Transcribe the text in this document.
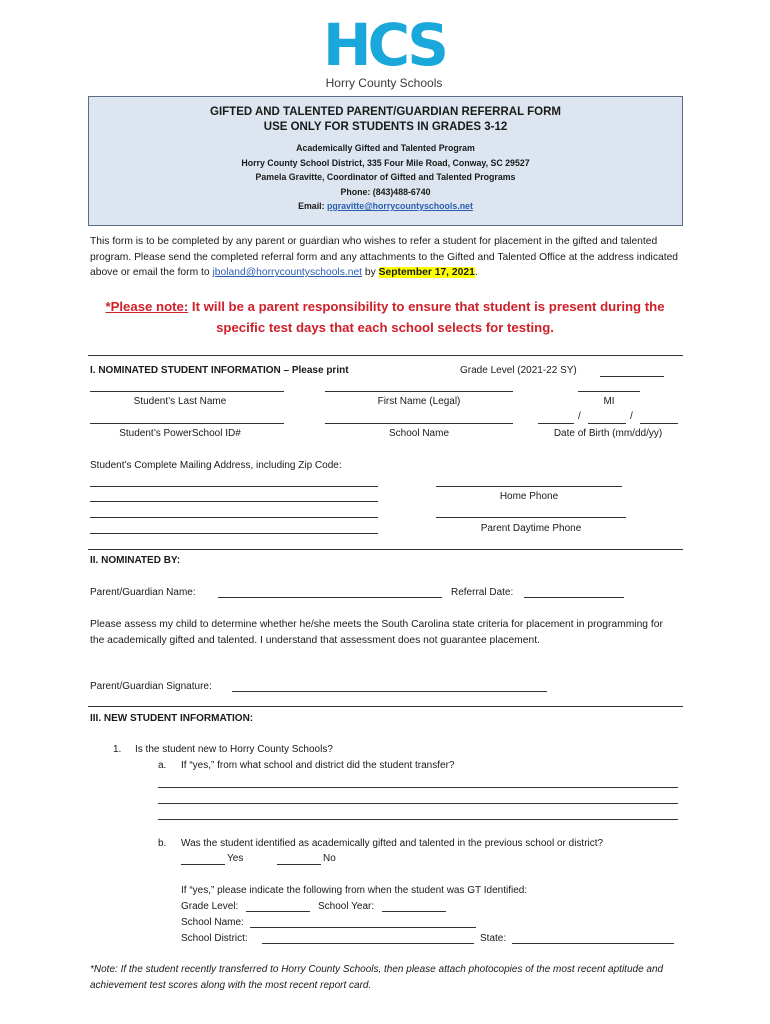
HCS
Horry County Schools
GIFTED AND TALENTED PARENT/GUARDIAN REFERRAL FORM
USE ONLY FOR STUDENTS IN GRADES 3-12
Academically Gifted and Talented Program
Horry County School District, 335 Four Mile Road, Conway, SC 29527
Pamela Gravitte, Coordinator of Gifted and Talented Programs
Phone: (843)488-6740
Email: pgravitte@horrycountyschools.net
This form is to be completed by any parent or guardian who wishes to refer a student for placement in the gifted and talented program. Please send the completed referral form and any attachments to the Gifted and Talented Office at the address indicated above or email the form to jboland@horrycountyschools.net by September 17, 2021.
*Please note: It will be a parent responsibility to ensure that student is present during the specific test days that each school selects for testing.
I. NOMINATED STUDENT INFORMATION – Please print	Grade Level (2021-22 SY)
Student’s Last Name	First Name (Legal)	MI
/	/
Student’s PowerSchool ID#	School Name	Date of Birth (mm/dd/yy)
Student’s Complete Mailing Address, including Zip Code:
Home Phone
Parent Daytime Phone
II. NOMINATED BY:
Parent/Guardian Name:	Referral Date:
Please assess my child to determine whether he/she meets the South Carolina state criteria for placement in programming for the academically gifted and talented. I understand that assessment does not guarantee placement.
Parent/Guardian Signature:
III. NEW STUDENT INFORMATION:
1. Is the student new to Horry County Schools?
a. If “yes,” from what school and district did the student transfer?
b. Was the student identified as academically gifted and talented in the previous school or district?
Yes	No
If “yes,” please indicate the following from when the student was GT Identified:
Grade Level:	School Year:
School Name:
School District:	State:
*Note: If the student recently transferred to Horry County Schools, then please attach photocopies of the most recent aptitude and achievement test scores along with the most recent report card.
